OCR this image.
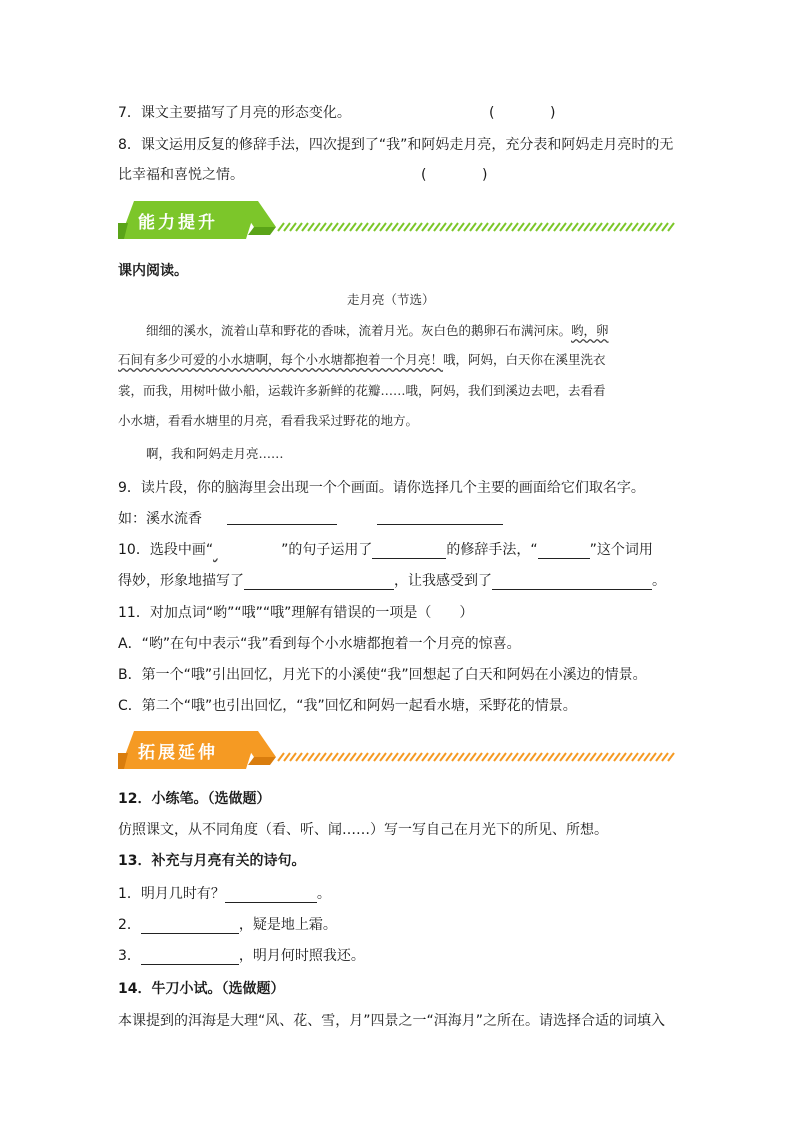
7．课文主要描写了月亮的形态变化。	(	)
8．课文运用反复的修辞手法，四次提到了“我”和阿妈走月亮，充分表和阿妈走月亮时的无
比幸福和喜悦之情。	(	)
能力提升
课内阅读。
走月亮（节选）
细细的溪水，流着山草和野花的香味，流着月光。灰白色的鹅卵石布满河床。哟，卵
石间有多少可爱的小水塘啊，每个小水塘都抱着一个月亮！哦，阿妈，白天你在溪里洗衣
裳，而我，用树叶做小船，运载许多新鲜的花瓣……哦，阿妈，我们到溪边去吧，去看看
小水塘，看看水塘里的月亮，看看我采过野花的地方。
啊，我和阿妈走月亮……
9．读片段，你的脑海里会出现一个个画面。请你选择几个主要的画面给它们取名字。
如：溪水流香
10．选段中画“	”的句子运用了	的修辞手法，“	”这个词用
得妙，形象地描写了	，让我感受到了	。
11．对加点词“哟”“哦”“哦”理解有错误的一项是（　　）
A．“哟”在句中表示“我”看到每个小水塘都抱着一个月亮的惊喜。
B．第一个“哦”引出回忆，月光下的小溪使“我”回想起了白天和阿妈在小溪边的情景。
C．第二个“哦”也引出回忆，“我”回忆和阿妈一起看水塘，采野花的情景。
拓展延伸
12．小练笔。（选做题）
仿照课文，从不同角度（看、听、闻……）写一写自己在月光下的所见、所想。
13．补充与月亮有关的诗句。
1．明月几时有？	。
2．	，疑是地上霜。
3．	，明月何时照我还。
14．牛刀小试。（选做题）
本课提到的洱海是大理“风、花、雪，月”四景之一“洱海月”之所在。请选择合适的词填入
